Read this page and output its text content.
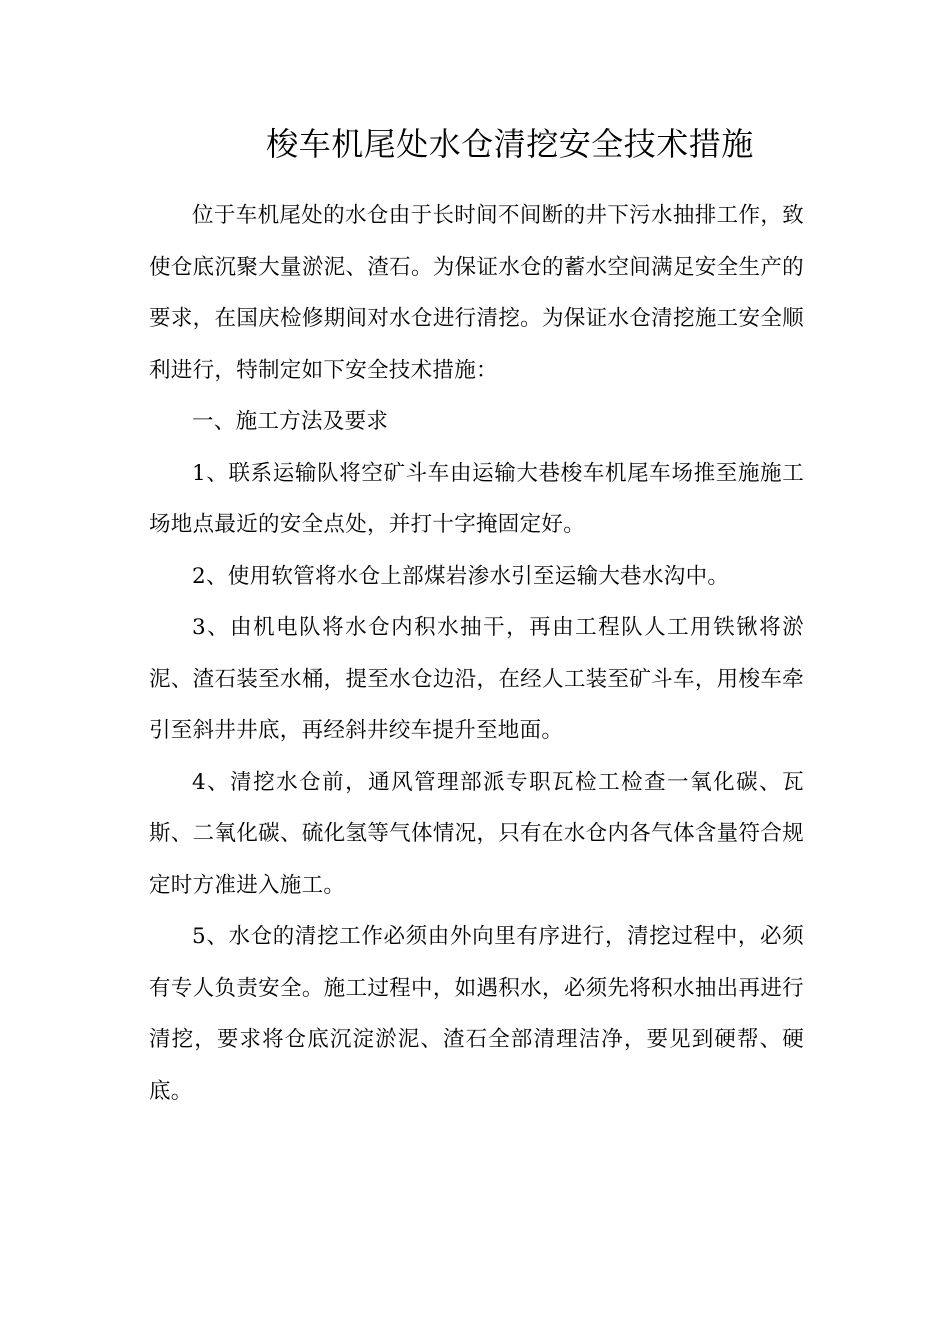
梭车机尾处水仓清挖安全技术措施

位于车机尾处的水仓由于长时间不间断的井下污水抽排工作，致使仓底沉聚大量淤泥、渣石。为保证水仓的蓄水空间满足安全生产的要求，在国庆检修期间对水仓进行清挖。为保证水仓清挖施工安全顺利进行，特制定如下安全技术措施：

一、施工方法及要求

1、联系运输队将空矿斗车由运输大巷梭车机尾车场推至施施工场地点最近的安全点处，并打十字掩固定好。

2、使用软管将水仓上部煤岩渗水引至运输大巷水沟中。

3、由机电队将水仓内积水抽干，再由工程队人工用铁锹将淤泥、渣石装至水桶，提至水仓边沿，在经人工装至矿斗车，用梭车牵引至斜井井底，再经斜井绞车提升至地面。

4、清挖水仓前，通风管理部派专职瓦检工检查一氧化碳、瓦斯、二氧化碳、硫化氢等气体情况，只有在水仓内各气体含量符合规定时方准进入施工。

5、水仓的清挖工作必须由外向里有序进行，清挖过程中，必须有专人负责安全。施工过程中，如遇积水，必须先将积水抽出再进行清挖，要求将仓底沉淀淤泥、渣石全部清理洁净，要见到硬帮、硬底。
